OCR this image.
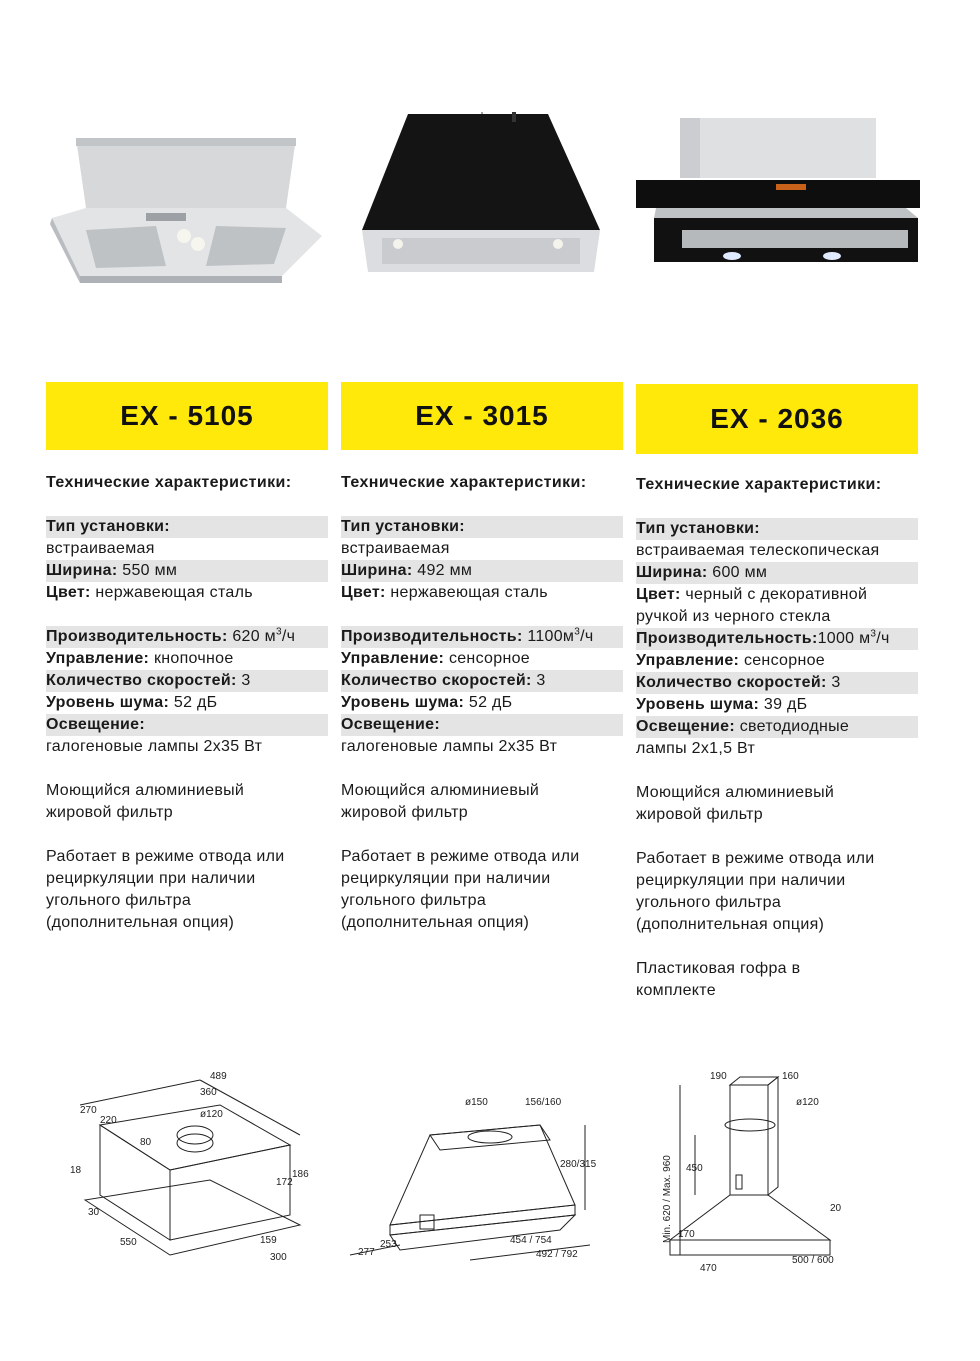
EX - 5105
Технические характеристики:
Тип установки:
встраиваемая
Ширина: 550 мм
Цвет: нержавеющая сталь
Производительность: 620 $м^3/ч$
Управление: кнопочное
Количество скоростей: 3
Уровень шума: 52 дБ
Освещение:
галогеновые лампы 2х35 Вт
Моющийся алюминиевый жировой фильтр
Работает в режиме отвода или рециркуляции при наличии угольного фильтра (дополнительная опция)
EX - 3015
Технические характеристики:
Тип установки:
встраиваемая
Ширина: 492 мм
Цвет: нержавеющая сталь
Производительность: $1100м^3/ч$
Управление: сенсорное
Количество скоростей: 3
Уровень шума: 52 дБ
Освещение:
галогеновые лампы 2х35 Вт
Моющийся алюминиевый жировой фильтр
Работает в режиме отвода или рециркуляции при наличии угольного фильтра (дополнительная опция)
EX - 2036
Технические характеристики:
Тип установки:
встраиваемая телескопическая
Ширина: 600 мм
Цвет: черный с декоративной
ручкой из черного стекла
Производительность:1000 $м^3/ч$
Управление: сенсорное
Количество скоростей: 3
Уровень шума: 39 дБ
Освещение: светодиодные
лампы 2х1,5 Вт
Моющийся алюминиевый жировой фильтр
Работает в режиме отвода или рециркуляции при наличии угольного фильтра (дополнительная опция)
Пластиковая гофра в комплекте
489
270
360
220
ø120
80
186
172
18
30
550	159
300
ø150	156/160
280/315
277
253	454 / 754
492 / 792
190	160
ø120
450
Min. 620 / Max. 960	20
170
470
500 / 600
